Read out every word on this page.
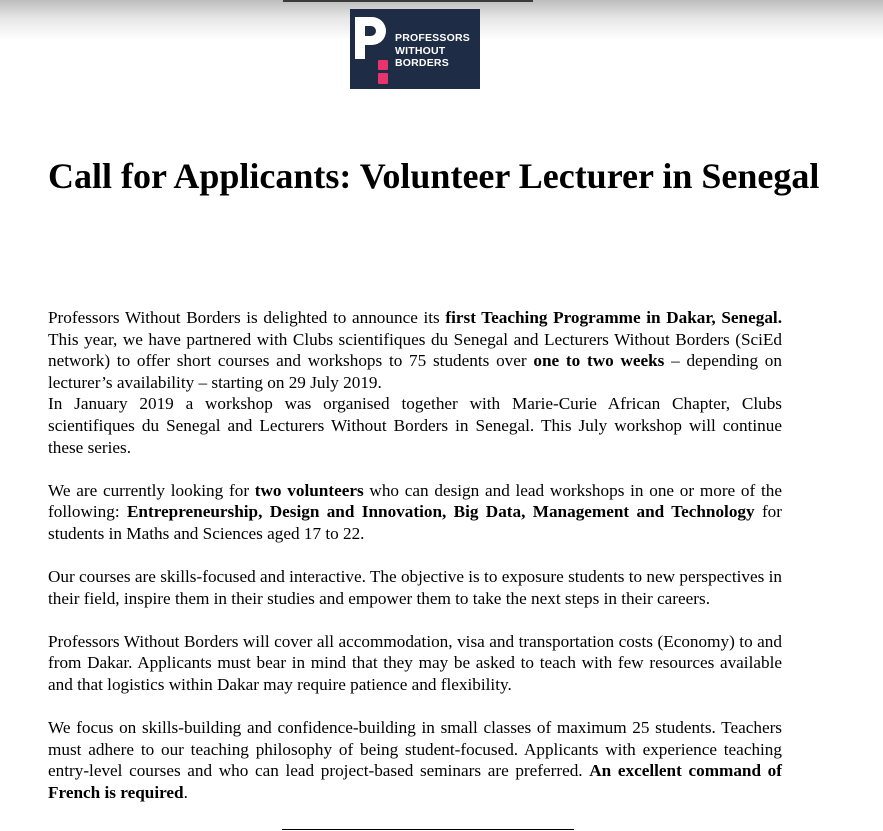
PROFESSORS
WITHOUT
BORDERS
Call for Applicants: Volunteer Lecturer in Senegal

Professors Without Borders is delighted to announce its first Teaching Programme in Dakar, Senegal. This year, we have partnered with Clubs scientifiques du Senegal and Lecturers Without Borders (SciEd network) to offer short courses and workshops to 75 students over one to two weeks – depending on lecturer’s availability – starting on 29 July 2019.

In January 2019 a workshop was organised together with Marie-Curie African Chapter, Clubs scientifiques du Senegal and Lecturers Without Borders in Senegal. This July workshop will continue these series.

We are currently looking for two volunteers who can design and lead workshops in one or more of the following: Entrepreneurship, Design and Innovation, Big Data, Management and Technology for students in Maths and Sciences aged 17 to 22.

Our courses are skills-focused and interactive. The objective is to exposure students to new perspectives in their field, inspire them in their studies and empower them to take the next steps in their careers.

Professors Without Borders will cover all accommodation, visa and transportation costs (Economy) to and from Dakar. Applicants must bear in mind that they may be asked to teach with few resources available and that logistics within Dakar may require patience and flexibility.

We focus on skills-building and confidence-building in small classes of maximum 25 students. Teachers must adhere to our teaching philosophy of being student-focused. Applicants with experience teaching entry-level courses and who can lead project-based seminars are preferred. An excellent command of French is required.
